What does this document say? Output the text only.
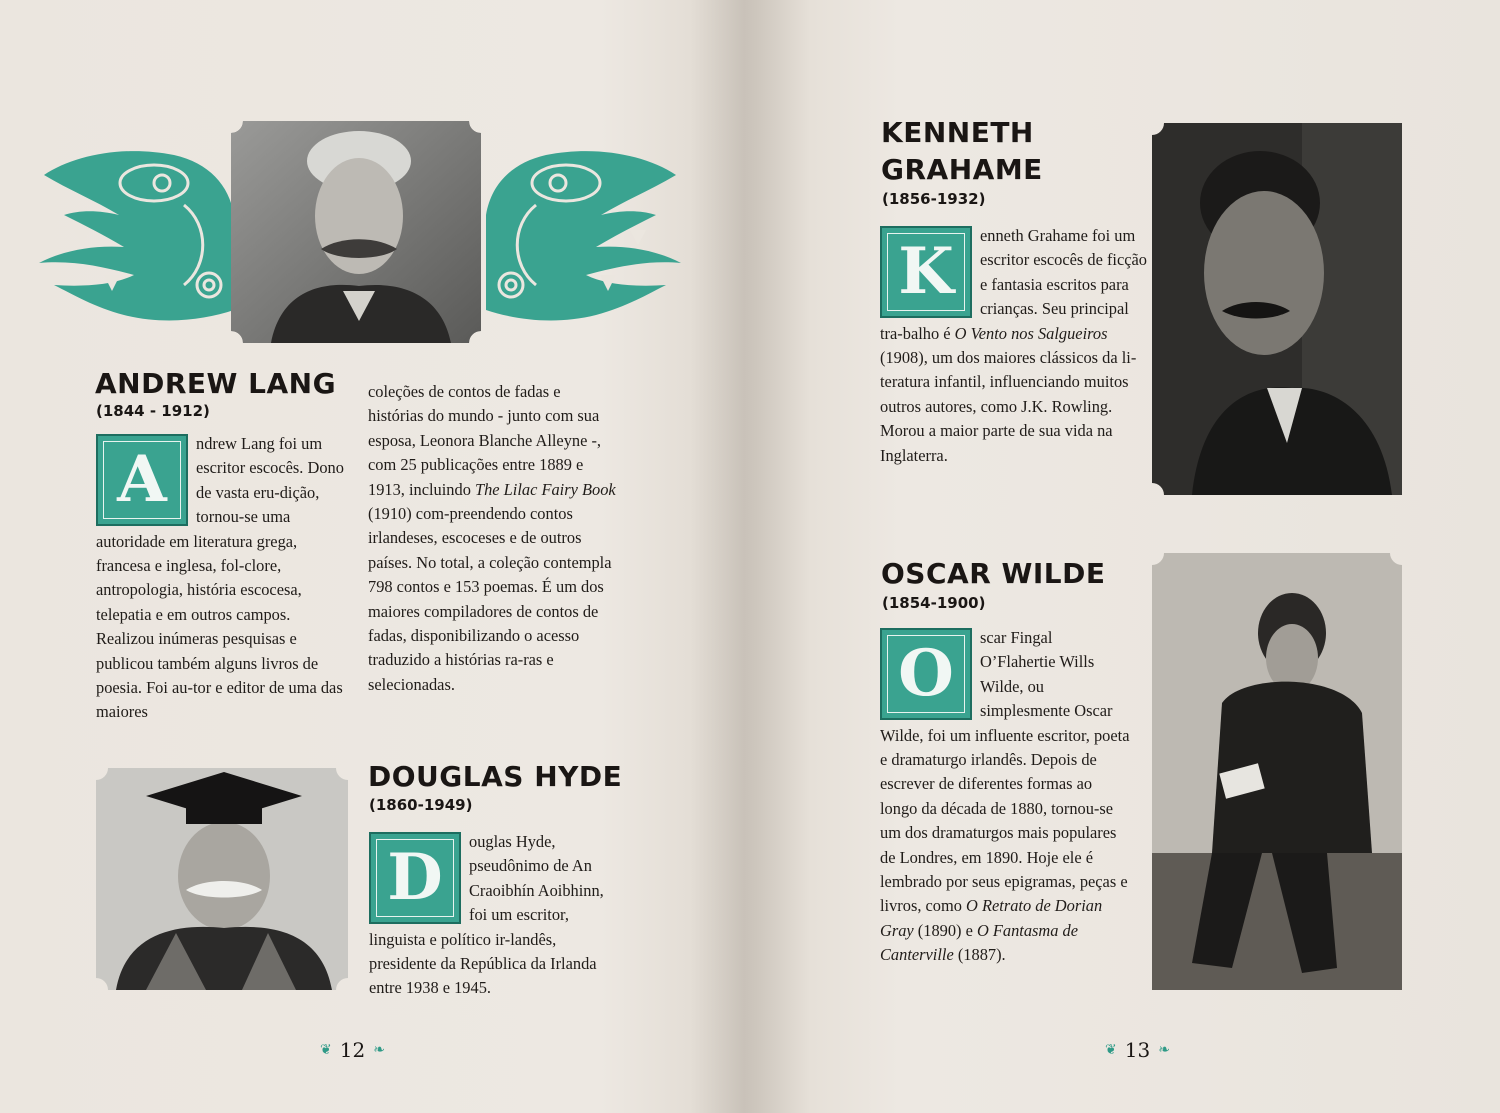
ANDREW LANG
(1844 - 1912)
A	ndrew Lang foi um escritor escocês. Dono de vasta eru-dição, tornou-se uma autoridade em literatura grega, francesa e inglesa, fol-clore, antropologia, história escocesa, telepatia e em outros campos. Realizou inúmeras pesquisas e publicou também alguns livros de poesia. Foi au-tor e editor de uma das maiores

coleções de contos de fadas e histórias do mundo - junto com sua esposa, Leonora Blanche Alleyne -, com 25 publicações entre 1889 e 1913, incluindo The Lilac Fairy Book (1910) com-preendendo contos irlandeses, escoceses e de outros países. No total, a coleção contempla 798 contos e 153 poemas. É um dos maiores compiladores de contos de fadas, disponibilizando o acesso traduzido a histórias ra-ras e selecionadas.

DOUGLAS HYDE
(1860-1949)
D	ouglas Hyde, pseudônimo de An Craoibhín Aoibhinn, foi um escritor, linguista e político ir-landês, presidente da República da Irlanda entre 1938 e 1945.

❦ 12 ❧
KENNETH
GRAHAME
(1856-1932)
K	enneth Grahame foi um escritor escocês de ficção e fantasia escritos para crianças. Seu principal tra-balho é O Vento nos Salgueiros (1908), um dos maiores clássicos da li-teratura infantil, influenciando muitos outros autores, como J.K. Rowling. Morou a maior parte de sua vida na Inglaterra.

OSCAR WILDE
(1854-1900)
O	scar Fingal O’Flahertie Wills Wilde, ou simplesmente Oscar Wilde, foi um influente escritor, poeta e dramaturgo irlandês. Depois de escrever de diferentes formas ao longo da década de 1880, tornou-se um dos dramaturgos mais populares de Londres, em 1890. Hoje ele é lembrado por seus epigramas, peças e livros, como O Retrato de Dorian Gray (1890) e O Fantasma de Canterville (1887).

❦ 13 ❧
